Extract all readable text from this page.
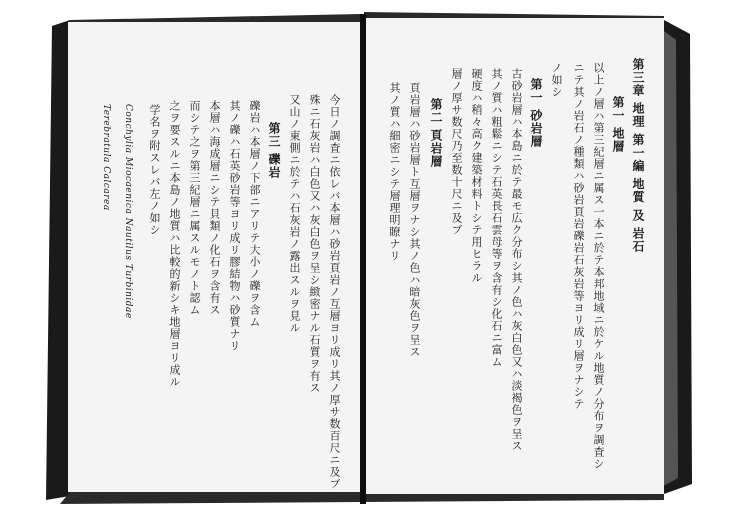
第三章 地理 第一編 地質 及 岩石
第一 地層
以上ノ層ハ第三紀層ニ属ス一本ニ於テ本邦地域ニ於ケル地質ノ分布ヲ調査シ
ニテ其ノ岩石ノ種類ハ砂岩頁岩礫岩石灰岩等ヨリ成リ層ヲナシテ
ノ如シ
第一 砂岩層
古砂岩層ハ本島ニ於テ最モ広ク分布シ其ノ色ハ灰白色又ハ淡褐色ヲ呈ス
其ノ質ハ粗鬆ニシテ石英長石雲母等ヲ含有シ化石ニ富ム
硬度ハ稍々高ク建築材料トシテ用ヒラル
層ノ厚サ数尺乃至数十尺ニ及ブ
第二 頁岩層
頁岩層ハ砂岩層ト互層ヲナシ其ノ色ハ暗灰色ヲ呈ス
其ノ質ハ細密ニシテ層理明瞭ナリ
今日ノ調査ニ依レバ本層ハ砂岩頁岩ノ互層ヨリ成リ其ノ厚サ数百尺ニ及ブ
殊ニ石灰岩ハ白色又ハ灰白色ヲ呈シ緻密ナル石質ヲ有ス
又山ノ東側ニ於テハ石灰岩ノ露出スルヲ見ル
第三 礫岩
礫岩ハ本層ノ下部ニアリテ大小ノ礫ヲ含ム
其ノ礫ハ石英砂岩等ヨリ成リ膠結物ハ砂質ナリ
本層ハ海成層ニシテ貝類ノ化石ヲ含有ス
而シテ之ヲ第三紀層ニ属スルモノト認ム
之ヲ要スルニ本島ノ地質ハ比較的新シキ地層ヨリ成ル
学名ヲ附スレバ左ノ如シ
Conchylia Miocaenica Nautilus Turbinidae
Terebratula Calcarea
